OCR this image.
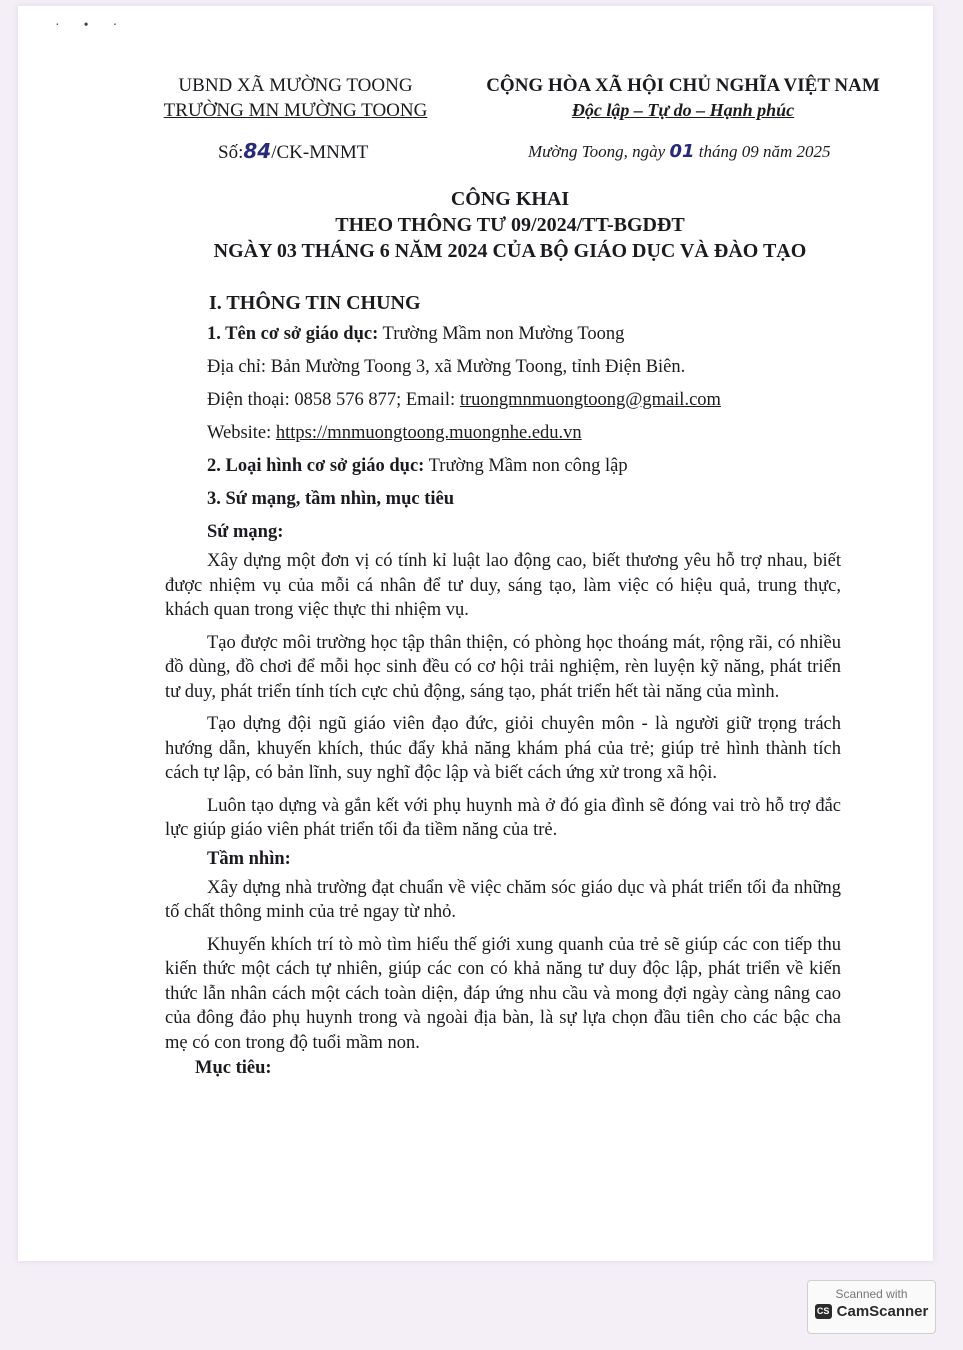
·•·
UBND XÃ MƯỜNG TOONG
TRƯỜNG MN MƯỜNG TOONG
CỘNG HÒA XÃ HỘI CHỦ NGHĨA VIỆT NAM
Độc lập – Tự do – Hạnh phúc
Số:84/CK-MNMT	Mường Toong, ngày 01 tháng 09 năm 2025
CÔNG KHAI
THEO THÔNG TƯ 09/2024/TT-BGDĐT
NGÀY 03 THÁNG 6 NĂM 2024 CỦA BỘ GIÁO DỤC VÀ ĐÀO TẠO
I. THÔNG TIN CHUNG
1. Tên cơ sở giáo dục: Trường Mầm non Mường Toong
Địa chỉ: Bản Mường Toong 3, xã Mường Toong, tỉnh Điện Biên.
Điện thoại: 0858 576 877; Email: truongmnmuongtoong@gmail.com
Website: https://mnmuongtoong.muongnhe.edu.vn
2. Loại hình cơ sở giáo dục: Trường Mầm non công lập
3. Sứ mạng, tầm nhìn, mục tiêu
Sứ mạng:

Xây dựng một đơn vị có tính kỉ luật lao động cao, biết thương yêu hỗ trợ nhau, biết được nhiệm vụ của mỗi cá nhân để tư duy, sáng tạo, làm việc có hiệu quả, trung thực, khách quan trong việc thực thi nhiệm vụ.

Tạo được môi trường học tập thân thiện, có phòng học thoáng mát, rộng rãi, có nhiều đồ dùng, đồ chơi để mỗi học sinh đều có cơ hội trải nghiệm, rèn luyện kỹ năng, phát triển tư duy, phát triển tính tích cực chủ động, sáng tạo, phát triển hết tài năng của mình.

Tạo dựng đội ngũ giáo viên đạo đức, giỏi chuyên môn - là người giữ trọng trách hướng dẫn, khuyến khích, thúc đẩy khả năng khám phá của trẻ; giúp trẻ hình thành tích cách tự lập, có bản lĩnh, suy nghĩ độc lập và biết cách ứng xử trong xã hội.

Luôn tạo dựng và gắn kết với phụ huynh mà ở đó gia đình sẽ đóng vai trò hỗ trợ đắc lực giúp giáo viên phát triển tối đa tiềm năng của trẻ.

Tầm nhìn:

Xây dựng nhà trường đạt chuẩn về việc chăm sóc giáo dục và phát triển tối đa những tố chất thông minh của trẻ ngay từ nhỏ.

Khuyến khích trí tò mò tìm hiểu thế giới xung quanh của trẻ sẽ giúp các con tiếp thu kiến thức một cách tự nhiên, giúp các con có khả năng tư duy độc lập, phát triển về kiến thức lẫn nhân cách một cách toàn diện, đáp ứng nhu cầu và mong đợi ngày càng nâng cao của đông đảo phụ huynh trong và ngoài địa bàn, là sự lựa chọn đầu tiên cho các bậc cha mẹ có con trong độ tuổi mầm non.

Mục tiêu:
Scanned with
CS CamScanner
